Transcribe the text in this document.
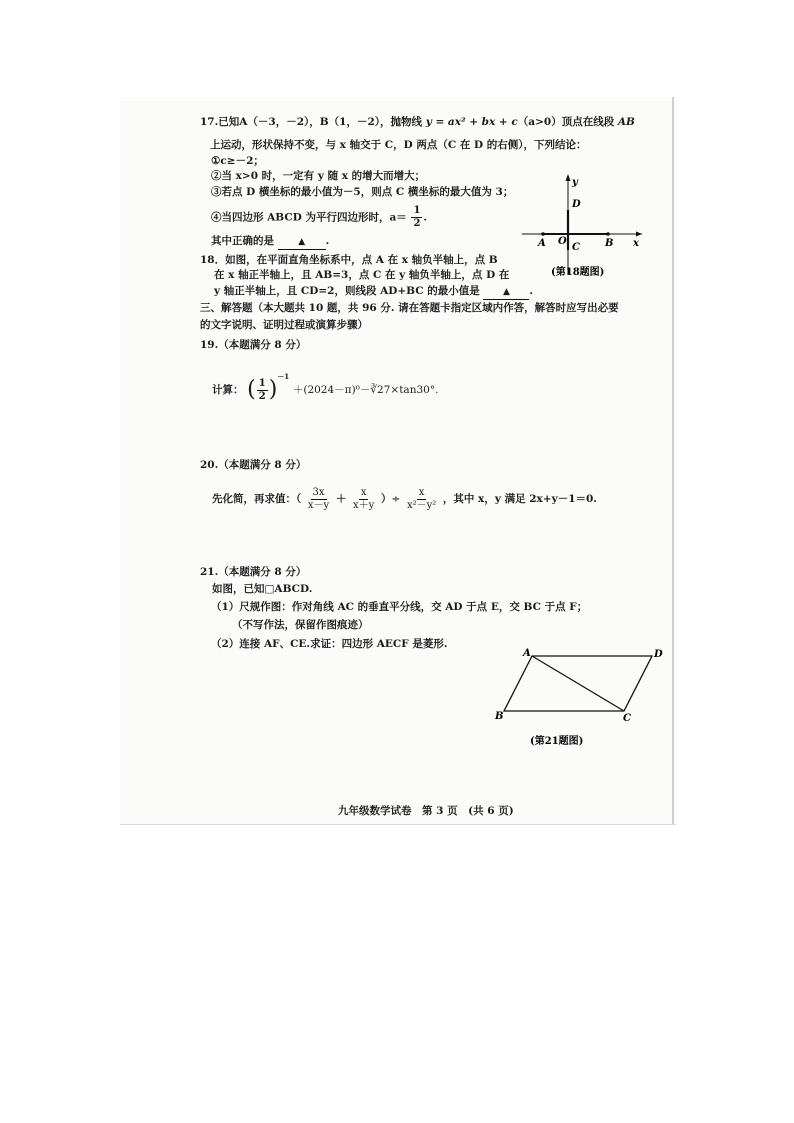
17.已知A（－3，－2），B（1，－2），抛物线 y = ax² + bx + c（a>0）顶点在线段 AB
上运动，形状保持不变，与 x 轴交于 C，D 两点（C 在 D 的右侧），下列结论：
①c≥－2；
②当 x>0 时，一定有 y 随 x 的增大而增大；
③若点 D 横坐标的最小值为－5，则点 C 横坐标的最大值为 3；
④当四边形 ABCD 为平行四边形时，$a= \frac{1}{2}$ .
其中正确的是	▲ .
y
D
A O	B x
C
(第18题图)
18．如图，在平面直角坐标系中，点 A 在 x 轴负半轴上，点 B
在 x 轴正半轴上，且 AB=3，点 C 在 y 轴负半轴上，点 D 在
y 轴正半轴上，且 CD=2，则线段 AD+BC 的最小值是	▲ .
三、解答题（本大题共 10 题，共 96 分. 请在答题卡指定区域内作答，解答时应写出必要
的文字说明、证明过程或演算步骤）
19.（本题满分 8 分）
计算： ( $\frac{1}{2} )^{-1}$ ＋(2024－π)⁰－∛27×tan30°.
20.（本题满分 8 分）
先化简，再求值：（ $\frac{3x}{x-y} + \frac{x}{x+y}$ ）÷ $\frac{x}{\text{x²－y²}}$ ，其中 x，y 满足 2x+y－1＝0.
21.（本题满分 8 分）
如图，已知□ABCD.
（1）尺规作图：作对角线 AC 的垂直平分线，交 AD 于点 E，交 BC 于点 F；
（不写作法，保留作图痕迹）
（2）连接 AF、CE.求证：四边形 AECF 是菱形.
A	D
B	C
(第21题图)
九年级数学试卷　第 3 页　(共 6 页)
